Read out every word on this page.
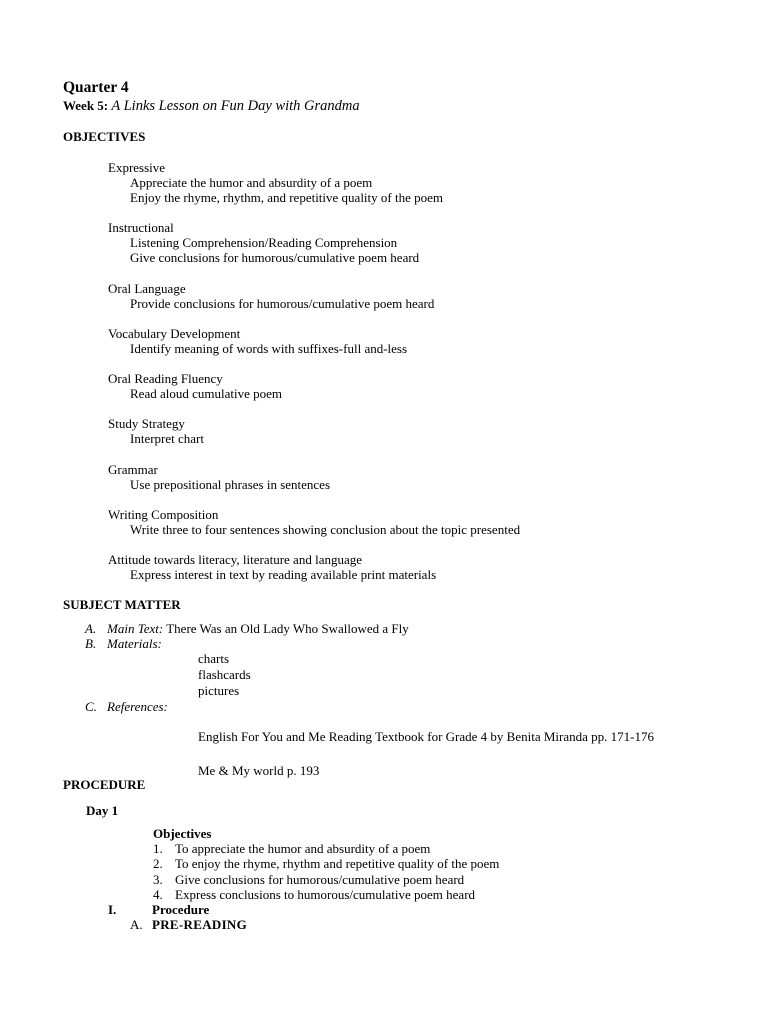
Quarter 4
Week 5: A Links Lesson on Fun Day with Grandma
OBJECTIVES
Expressive
Appreciate the humor and absurdity of a poem
Enjoy the rhyme, rhythm, and repetitive quality of the poem
Instructional
Listening Comprehension/Reading Comprehension
Give conclusions for humorous/cumulative poem heard
Oral Language
Provide conclusions for humorous/cumulative poem heard
Vocabulary Development
Identify meaning of words with suffixes-full and-less
Oral Reading Fluency
Read aloud cumulative poem
Study Strategy
Interpret chart
Grammar
Use prepositional phrases in sentences
Writing Composition
Write three to four sentences showing conclusion about the topic presented
Attitude towards literacy, literature and language
Express interest in text by reading available print materials
SUBJECT MATTER
A. Main Text: There Was an Old Lady Who Swallowed a Fly
B. Materials:
charts
flashcards
pictures
C. References:
English For You and Me Reading Textbook for Grade 4 by Benita Miranda pp. 171-176
Me & My world p. 193
PROCEDURE
Day 1
Objectives
1. To appreciate the humor and absurdity of a poem
2. To enjoy the rhyme, rhythm and repetitive quality of the poem
3. Give conclusions for humorous/cumulative poem heard
4. Express conclusions to humorous/cumulative poem heard
I.	Procedure
A. PRE-READING
